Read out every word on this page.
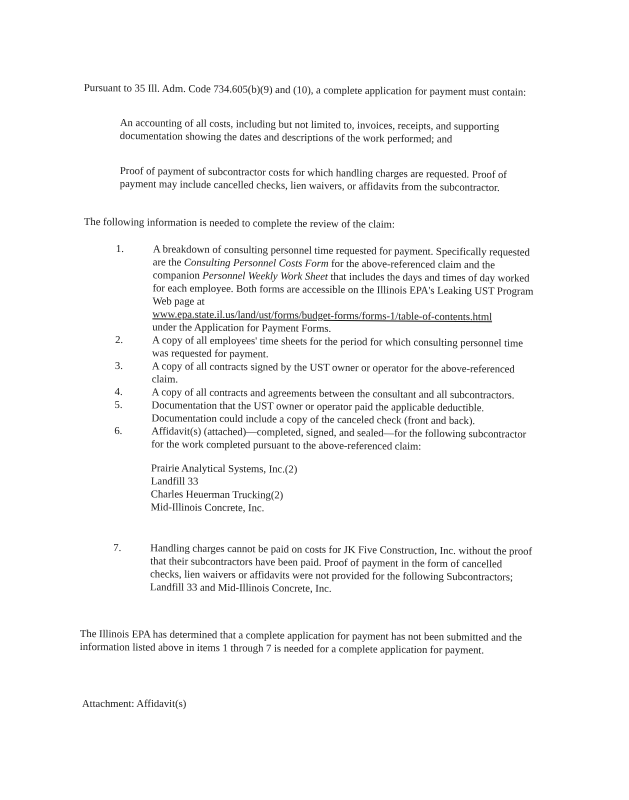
Pursuant to 35 Ill. Adm. Code 734.605(b)(9) and (10), a complete application for payment must contain:

An accounting of all costs, including but not limited to, invoices, receipts, and supporting documentation showing the dates and descriptions of the work performed; and

Proof of payment of subcontractor costs for which handling charges are requested. Proof of payment may include cancelled checks, lien waivers, or affidavits from the subcontractor.

The following information is needed to complete the review of the claim:

1.	A breakdown of consulting personnel time requested for payment. Specifically requested are the Consulting Personnel Costs Form for the above-referenced claim and the companion Personnel Weekly Work Sheet that includes the days and times of day worked for each employee. Both forms are accessible on the Illinois EPA's Leaking UST Program Web page at
www.epa.state.il.us/land/ust/forms/budget-forms/forms-1/table-of-contents.html
under the Application for Payment Forms.
2.	A copy of all employees' time sheets for the period for which consulting personnel time was requested for payment.
3.	A copy of all contracts signed by the UST owner or operator for the above-referenced claim.
4.	A copy of all contracts and agreements between the consultant and all subcontractors.
5.	Documentation that the UST owner or operator paid the applicable deductible. Documentation could include a copy of the canceled check (front and back).
6.	Affidavit(s) (attached)—completed, signed, and sealed—for the following subcontractor for the work completed pursuant to the above-referenced claim:
Prairie Analytical Systems, Inc.(2)
Landfill 33
Charles Heuerman Trucking(2)
Mid-Illinois Concrete, Inc.
7.	Handling charges cannot be paid on costs for JK Five Construction, Inc. without the proof that their subcontractors have been paid. Proof of payment in the form of cancelled checks, lien waivers or affidavits were not provided for the following Subcontractors; Landfill 33 and Mid-Illinois Concrete, Inc.

The Illinois EPA has determined that a complete application for payment has not been submitted and the information listed above in items 1 through 7 is needed for a complete application for payment.

Attachment: Affidavit(s)
